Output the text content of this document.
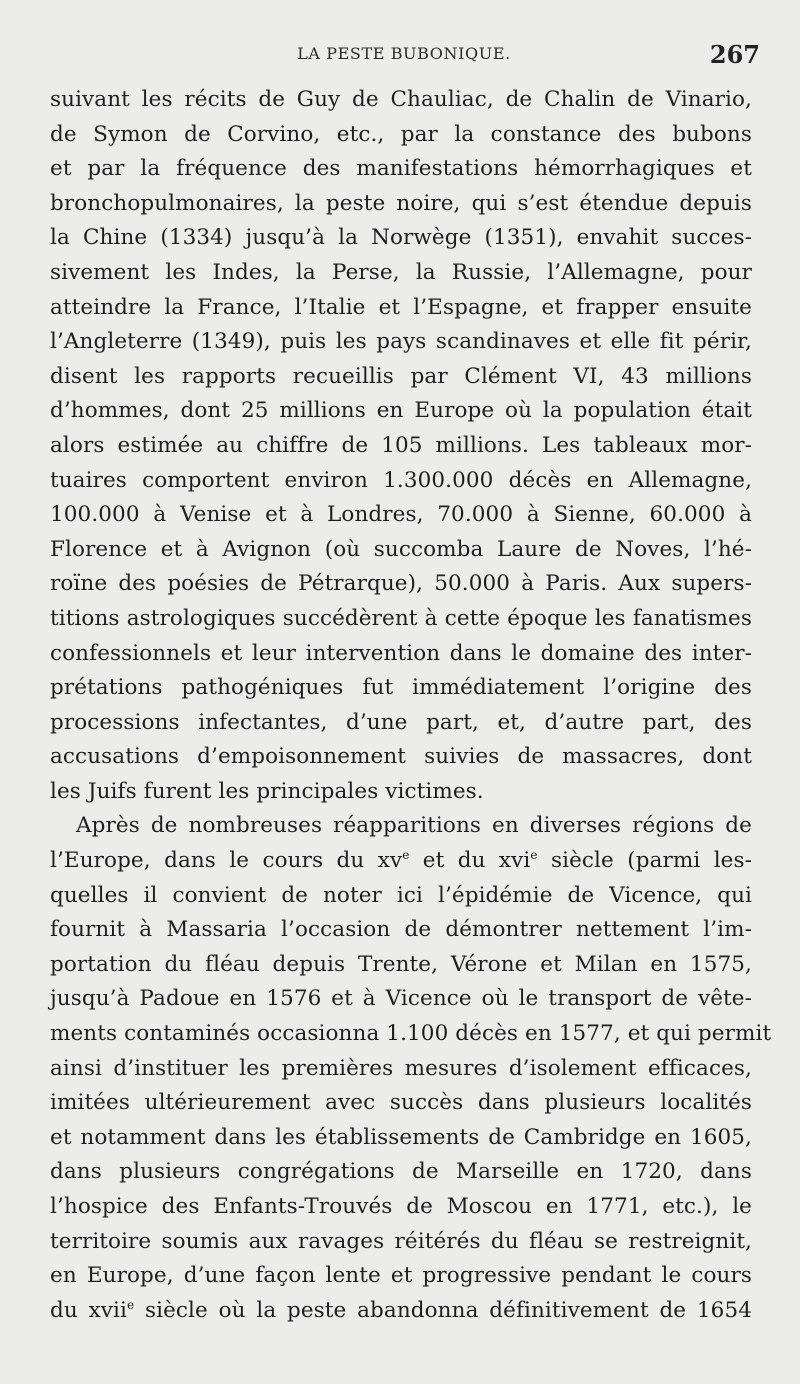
LA PESTE BUBONIQUE.	267
suivant les récits de Guy de Chauliac, de Chalin de Vinario,
de Symon de Corvino, etc., par la constance des bubons
et par la fréquence des manifestations hémorrhagiques et
bronchopulmonaires, la peste noire, qui s’est étendue depuis
la Chine (1334) jusqu’à la Norwège (1351), envahit succes-
sivement les Indes, la Perse, la Russie, l’Allemagne, pour
atteindre la France, l’Italie et l’Espagne, et frapper ensuite
l’Angleterre (1349), puis les pays scandinaves et elle fit périr,
disent les rapports recueillis par Clément VI, 43 millions
d’hommes, dont 25 millions en Europe où la population était
alors estimée au chiffre de 105 millions. Les tableaux mor-
tuaires comportent environ 1.300.000 décès en Allemagne,
100.000 à Venise et à Londres, 70.000 à Sienne, 60.000 à
Florence et à Avignon (où succomba Laure de Noves, l’hé-
roïne des poésies de Pétrarque), 50.000 à Paris. Aux supers-
titions astrologiques succédèrent à cette époque les fanatismes
confessionnels et leur intervention dans le domaine des inter-
prétations pathogéniques fut immédiatement l’origine des
processions infectantes, d’une part, et, d’autre part, des
accusations d’empoisonnement suivies de massacres, dont
les Juifs furent les principales victimes.
Après de nombreuses réapparitions en diverses régions de
l’Europe, dans le cours du $xv^e$ et du xvi$^e$ siècle (parmi les-
quelles il convient de noter ici l’épidémie de Vicence, qui
fournit à Massaria l’occasion de démontrer nettement l’im-
portation du fléau depuis Trente, Vérone et Milan en 1575,
jusqu’à Padoue en 1576 et à Vicence où le transport de vête-
ments contaminés occasionna 1.100 décès en 1577, et qui permit
ainsi d’instituer les premières mesures d’isolement efficaces,
imitées ultérieurement avec succès dans plusieurs localités
et notamment dans les établissements de Cambridge en 1605,
dans plusieurs congrégations de Marseille en 1720, dans
l’hospice des Enfants-Trouvés de Moscou en 1771, etc.), le
territoire soumis aux ravages réitérés du fléau se restreignit,
en Europe, d’une façon lente et progressive pendant le cours
du xvii$^e$ siècle où la peste abandonna définitivement de 1654
